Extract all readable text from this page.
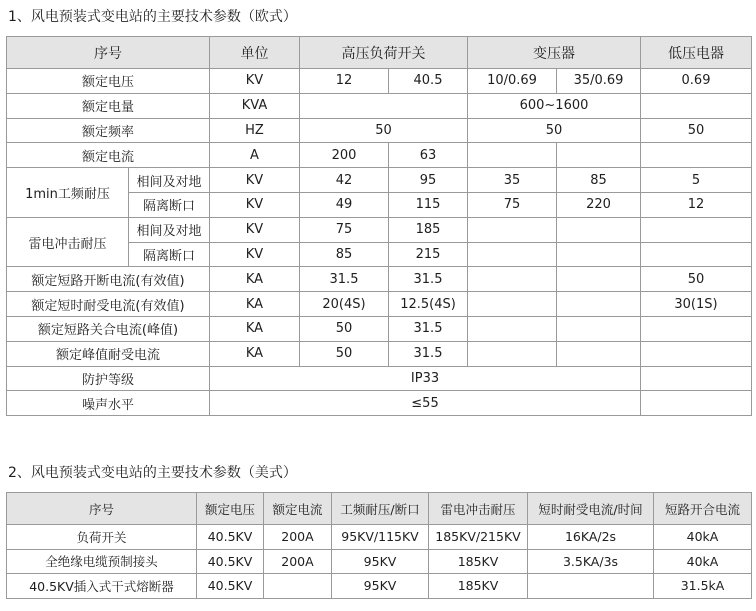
1、风电预装式变电站的主要技术参数（欧式）
序号		单位	高压负荷开关		变压器		低压电器
额定电压		KV	12	40.5	10/0.69	35/0.69	0.69
额定电量		KVA			600~1600		
额定频率		HZ	50		50		50
额定电流		A	200	63			
1min工频耐压	相间及对地	KV	42	95	35	85	5
	隔离断口	KV	49	115	75	220	12
雷电冲击耐压	相间及对地	KV	75	185			
	隔离断口	KV	85	215			
额定短路开断电流(有效值)		KA	31.5	31.5			50
额定短时耐受电流(有效值)		KA	20(4S)	12.5(4S)			30(1S)
额定短路关合电流(峰值)		KA	50	31.5			
额定峰值耐受电流		KA	50	31.5			
防护等级		IP33					
噪声水平		≤55					
2、风电预装式变电站的主要技术参数（美式）
序号	额定电压	额定电流	工频耐压/断口	雷电冲击耐压	短时耐受电流/时间	短路开合电流
负荷开关	40.5KV	200A	95KV/115KV	185KV/215KV	16KA/2s	40kA
全绝缘电缆预制接头	40.5KV	200A	95KV	185KV	3.5KA/3s	40kA
40.5KV插入式干式熔断器	40.5KV		95KV	185KV		31.5kA
